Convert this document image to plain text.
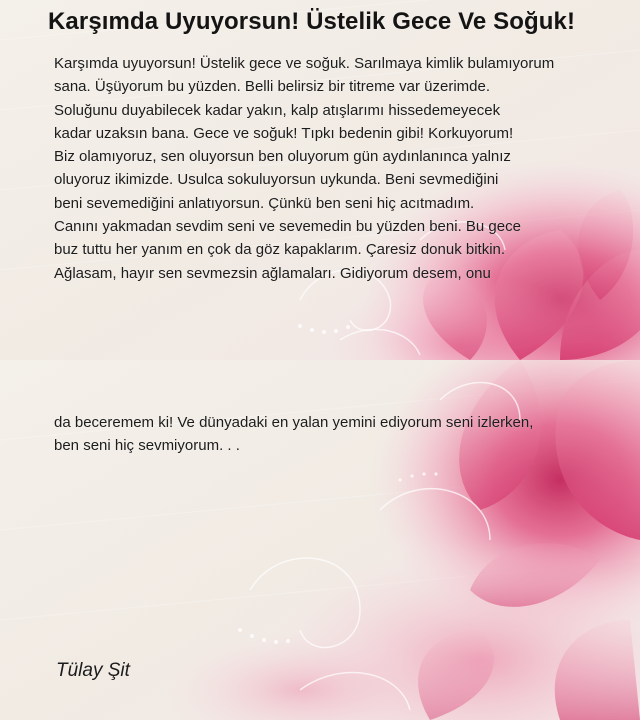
Karşımda Uyuyorsun! Üstelik Gece Ve Soğuk!
Karşımda uyuyorsun! Üstelik gece ve soğuk. Sarılmaya kimlik bulamıyorum
sana. Üşüyorum bu yüzden. Belli belirsiz bir titreme var üzerimde.
Soluğunu duyabilecek kadar yakın, kalp atışlarımı hissedemeyecek
kadar uzaksın bana. Gece ve soğuk! Tıpkı bedenin gibi! Korkuyorum!
Biz olamıyoruz, sen oluyorsun ben oluyorum gün aydınlanınca yalnız
oluyoruz ikimizde. Usulca sokuluyorsun uykunda. Beni sevmediğini
beni sevemediğini anlatıyorsun. Çünkü ben seni hiç acıtmadım.
Canını yakmadan sevdim seni ve sevemedin bu yüzden beni. Bu gece
buz tuttu her yanım en çok da göz kapaklarım. Çaresiz donuk bitkin.
Ağlasam, hayır sen sevmezsin ağlamaları. Gidiyorum desem, onu
da beceremem ki! Ve dünyadaki en yalan yemini ediyorum seni izlerken,
ben seni hiç sevmiyorum. . .
Tülay Şit
